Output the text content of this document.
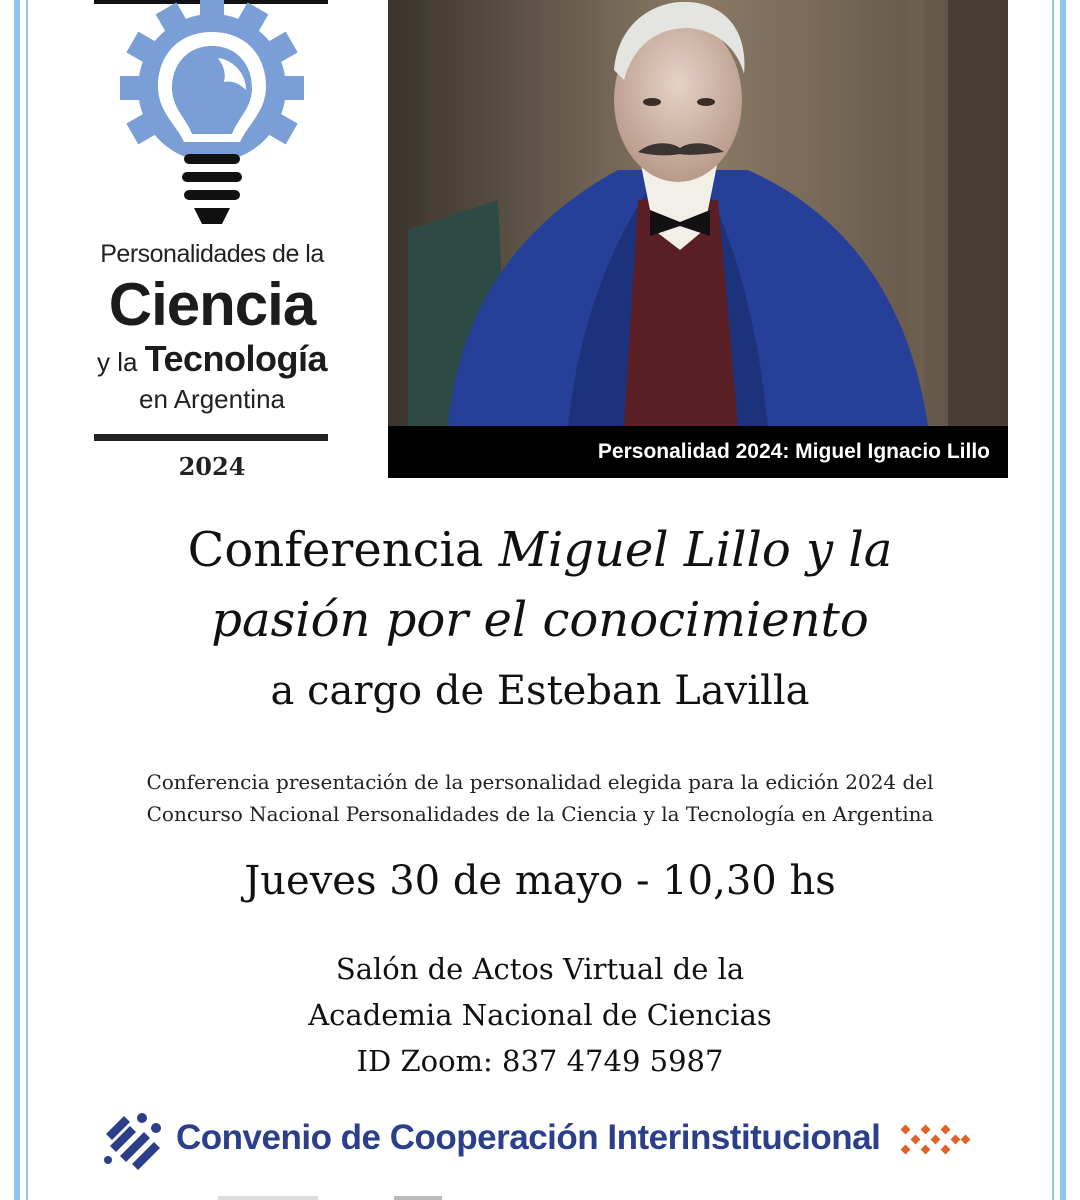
Personalidades de la
Ciencia
y la Tecnología
en Argentina
2024
Personalidad 2024: Miguel Ignacio Lillo
Conferencia Miguel Lillo y la
pasión por el conocimiento
a cargo de Esteban Lavilla
Conferencia presentación de la personalidad elegida para la edición 2024 del
Concurso Nacional Personalidades de la Ciencia y la Tecnología en Argentina
Jueves 30 de mayo - 10,30 hs
Salón de Actos Virtual de la
Academia Nacional de Ciencias
ID Zoom: 837 4749 5987
Convenio de Cooperación Interinstitucional
